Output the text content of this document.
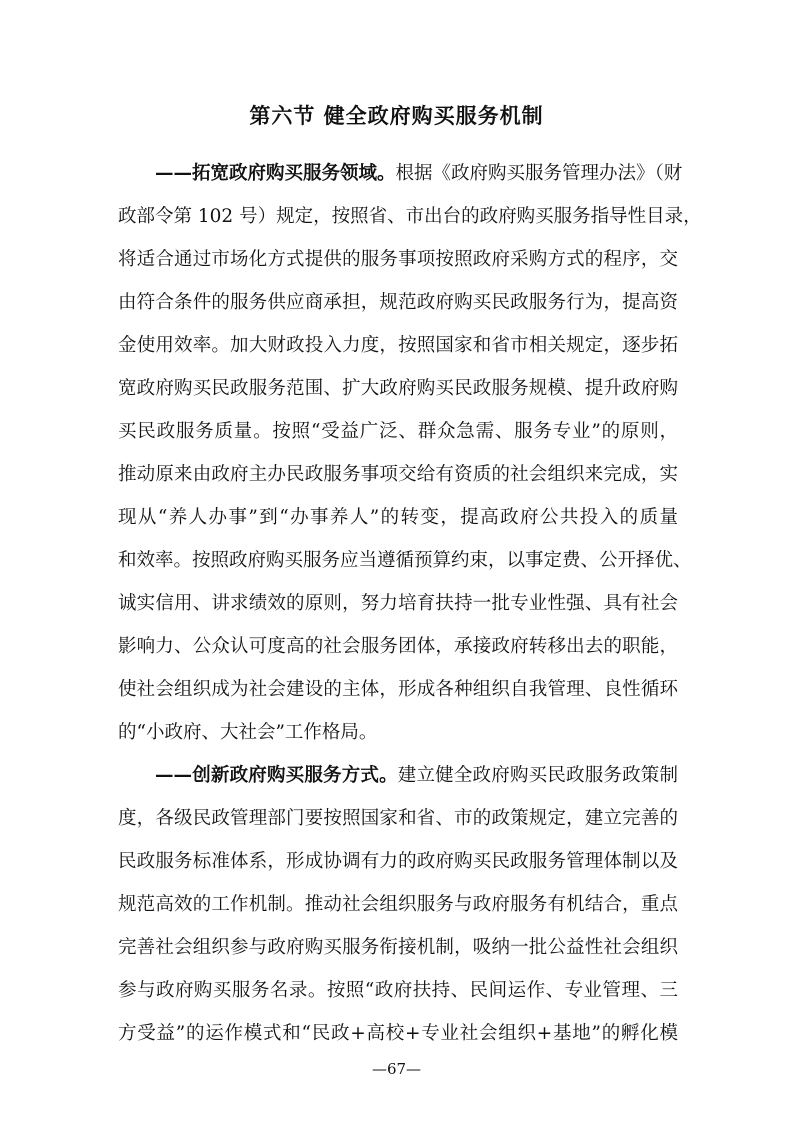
第六节 健全政府购买服务机制
——拓宽政府购买服务领域。根据《政府购买服务管理办法》（财
政部令第 102 号）规定，按照省、市出台的政府购买服务指导性目录，
将适合通过市场化方式提供的服务事项按照政府采购方式的程序，交
由符合条件的服务供应商承担，规范政府购买民政服务行为，提高资
金使用效率。加大财政投入力度，按照国家和省市相关规定，逐步拓
宽政府购买民政服务范围、扩大政府购买民政服务规模、提升政府购
买民政服务质量。按照“受益广泛、群众急需、服务专业”的原则，
推动原来由政府主办民政服务事项交给有资质的社会组织来完成，实
现从“养人办事”到“办事养人”的转变，提高政府公共投入的质量
和效率。按照政府购买服务应当遵循预算约束，以事定费、公开择优、
诚实信用、讲求绩效的原则，努力培育扶持一批专业性强、具有社会
影响力、公众认可度高的社会服务团体，承接政府转移出去的职能，
使社会组织成为社会建设的主体，形成各种组织自我管理、良性循环
的“小政府、大社会”工作格局。
——创新政府购买服务方式。建立健全政府购买民政服务政策制
度，各级民政管理部门要按照国家和省、市的政策规定，建立完善的
民政服务标准体系，形成协调有力的政府购买民政服务管理体制以及
规范高效的工作机制。推动社会组织服务与政府服务有机结合，重点
完善社会组织参与政府购买服务衔接机制，吸纳一批公益性社会组织
参与政府购买服务名录。按照“政府扶持、民间运作、专业管理、三
方受益”的运作模式和“民政+高校+专业社会组织+基地”的孵化模
—67—
